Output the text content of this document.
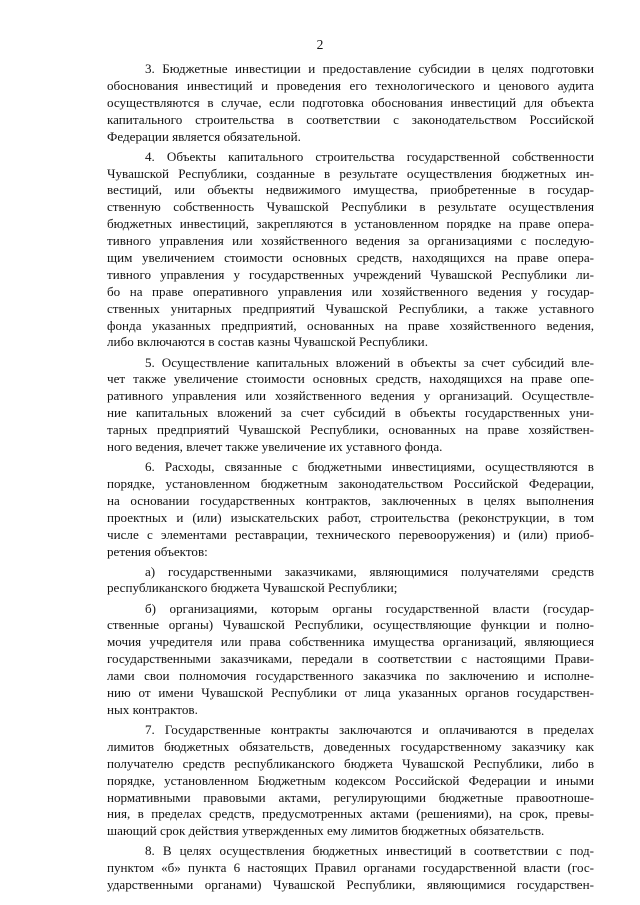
2

3. Бюджетные инвестиции и предоставление субсидии в целях подготовки
обоснования инвестиций и проведения его технологического и ценового аудита
осуществляются в случае, если подготовка обоснования инвестиций для объекта
капитального строительства в соответствии с законодательством Российской
Федерации является обязательной.

4. Объекты капитального строительства государственной собственности
Чувашской Республики, созданные в результате осуществления бюджетных ин-
вестиций, или объекты недвижимого имущества, приобретенные в государ-
ственную собственность Чувашской Республики в результате осуществления
бюджетных инвестиций, закрепляются в установленном порядке на праве опера-
тивного управления или хозяйственного ведения за организациями с последую-
щим увеличением стоимости основных средств, находящихся на праве опера-
тивного управления у государственных учреждений Чувашской Республики ли-
бо на праве оперативного управления или хозяйственного ведения у государ-
ственных унитарных предприятий Чувашской Республики, а также уставного
фонда указанных предприятий, основанных на праве хозяйственного ведения,
либо включаются в состав казны Чувашской Республики.

5. Осуществление капитальных вложений в объекты за счет субсидий вле-
чет также увеличение стоимости основных средств, находящихся на праве опе-
ративного управления или хозяйственного ведения у организаций. Осуществле-
ние капитальных вложений за счет субсидий в объекты государственных уни-
тарных предприятий Чувашской Республики, основанных на праве хозяйствен-
ного ведения, влечет также увеличение их уставного фонда.

6. Расходы, связанные с бюджетными инвестициями, осуществляются в
порядке, установленном бюджетным законодательством Российской Федерации,
на основании государственных контрактов, заключенных в целях выполнения
проектных и (или) изыскательских работ, строительства (реконструкции, в том
числе с элементами реставрации, технического перевооружения) и (или) приоб-
ретения объектов:

а) государственными заказчиками, являющимися получателями средств
республиканского бюджета Чувашской Республики;

б) организациями, которым органы государственной власти (государ-
ственные органы) Чувашской Республики, осуществляющие функции и полно-
мочия учредителя или права собственника имущества организаций, являющиеся
государственными заказчиками, передали в соответствии с настоящими Прави-
лами свои полномочия государственного заказчика по заключению и исполне-
нию от имени Чувашской Республики от лица указанных органов государствен-
ных контрактов.

7. Государственные контракты заключаются и оплачиваются в пределах
лимитов бюджетных обязательств, доведенных государственному заказчику как
получателю средств республиканского бюджета Чувашской Республики, либо в
порядке, установленном Бюджетным кодексом Российской Федерации и иными
нормативными правовыми актами, регулирующими бюджетные правоотноше-
ния, в пределах средств, предусмотренных актами (решениями), на срок, превы-
шающий срок действия утвержденных ему лимитов бюджетных обязательств.

8. В целях осуществления бюджетных инвестиций в соответствии с под-
пунктом «б» пункта 6 настоящих Правил органами государственной власти (гос-
ударственными органами) Чувашской Республики, являющимися государствен-
